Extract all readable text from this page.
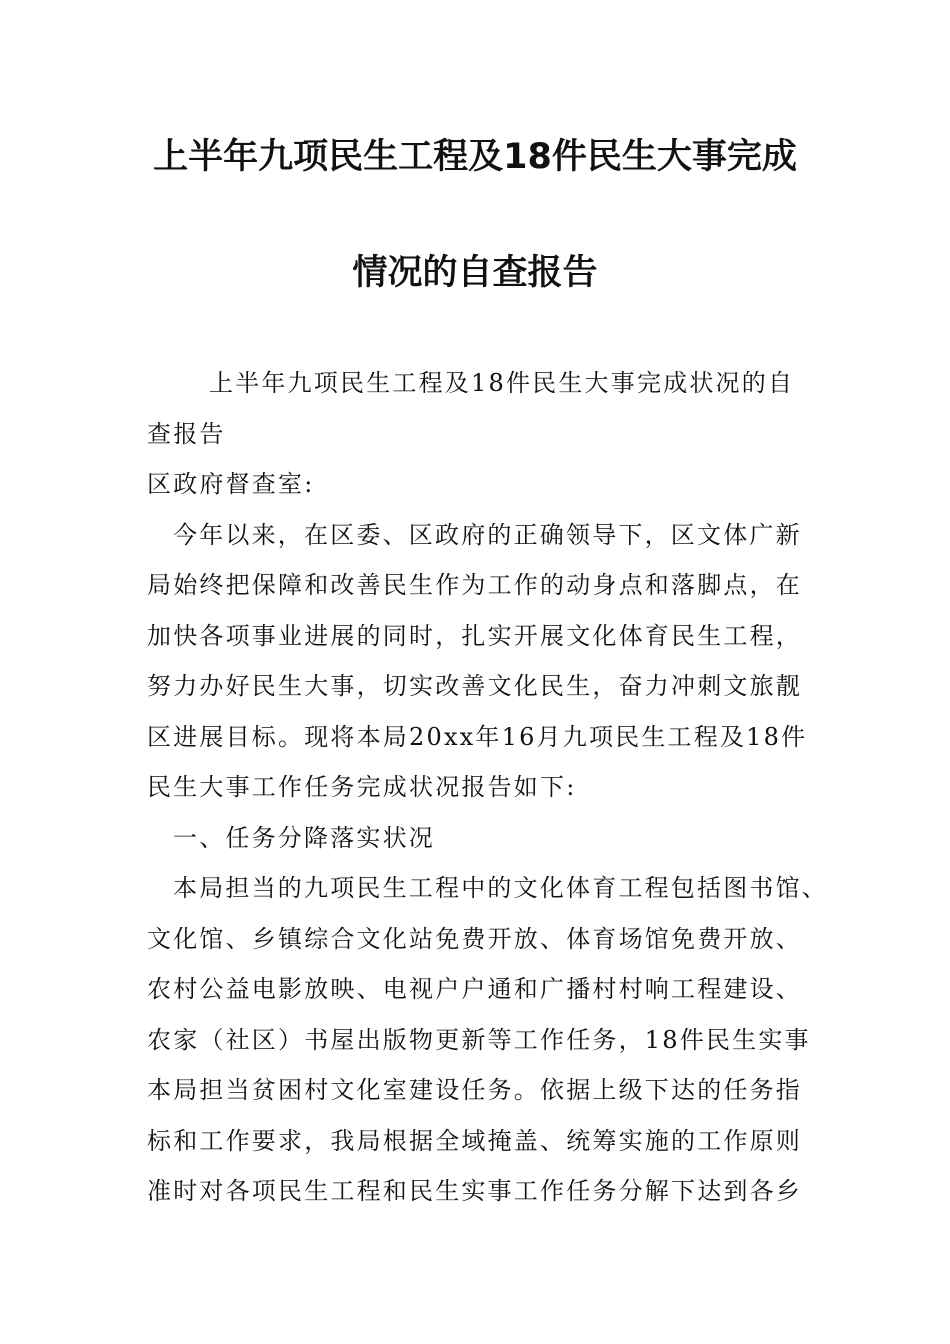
上半年九项民生工程及18件民生大事完成
情况的自查报告
上半年九项民生工程及18件民生大事完成状况的自
查报告
区政府督查室:
今年以来，在区委、区政府的正确领导下，区文体广新
局始终把保障和改善民生作为工作的动身点和落脚点，在
加快各项事业进展的同时，扎实开展文化体育民生工程，
努力办好民生大事，切实改善文化民生，奋力冲刺文旅靓
区进展目标。现将本局20xx年16月九项民生工程及18件
民生大事工作任务完成状况报告如下:
一、任务分降落实状况
本局担当的九项民生工程中的文化体育工程包括图书馆、
文化馆、乡镇综合文化站免费开放、体育场馆免费开放、
农村公益电影放映、电视户户通和广播村村响工程建设、
农家（社区）书屋出版物更新等工作任务，18件民生实事
本局担当贫困村文化室建设任务。依据上级下达的任务指
标和工作要求，我局根据全域掩盖、统筹实施的工作原则
准时对各项民生工程和民生实事工作任务分解下达到各乡
